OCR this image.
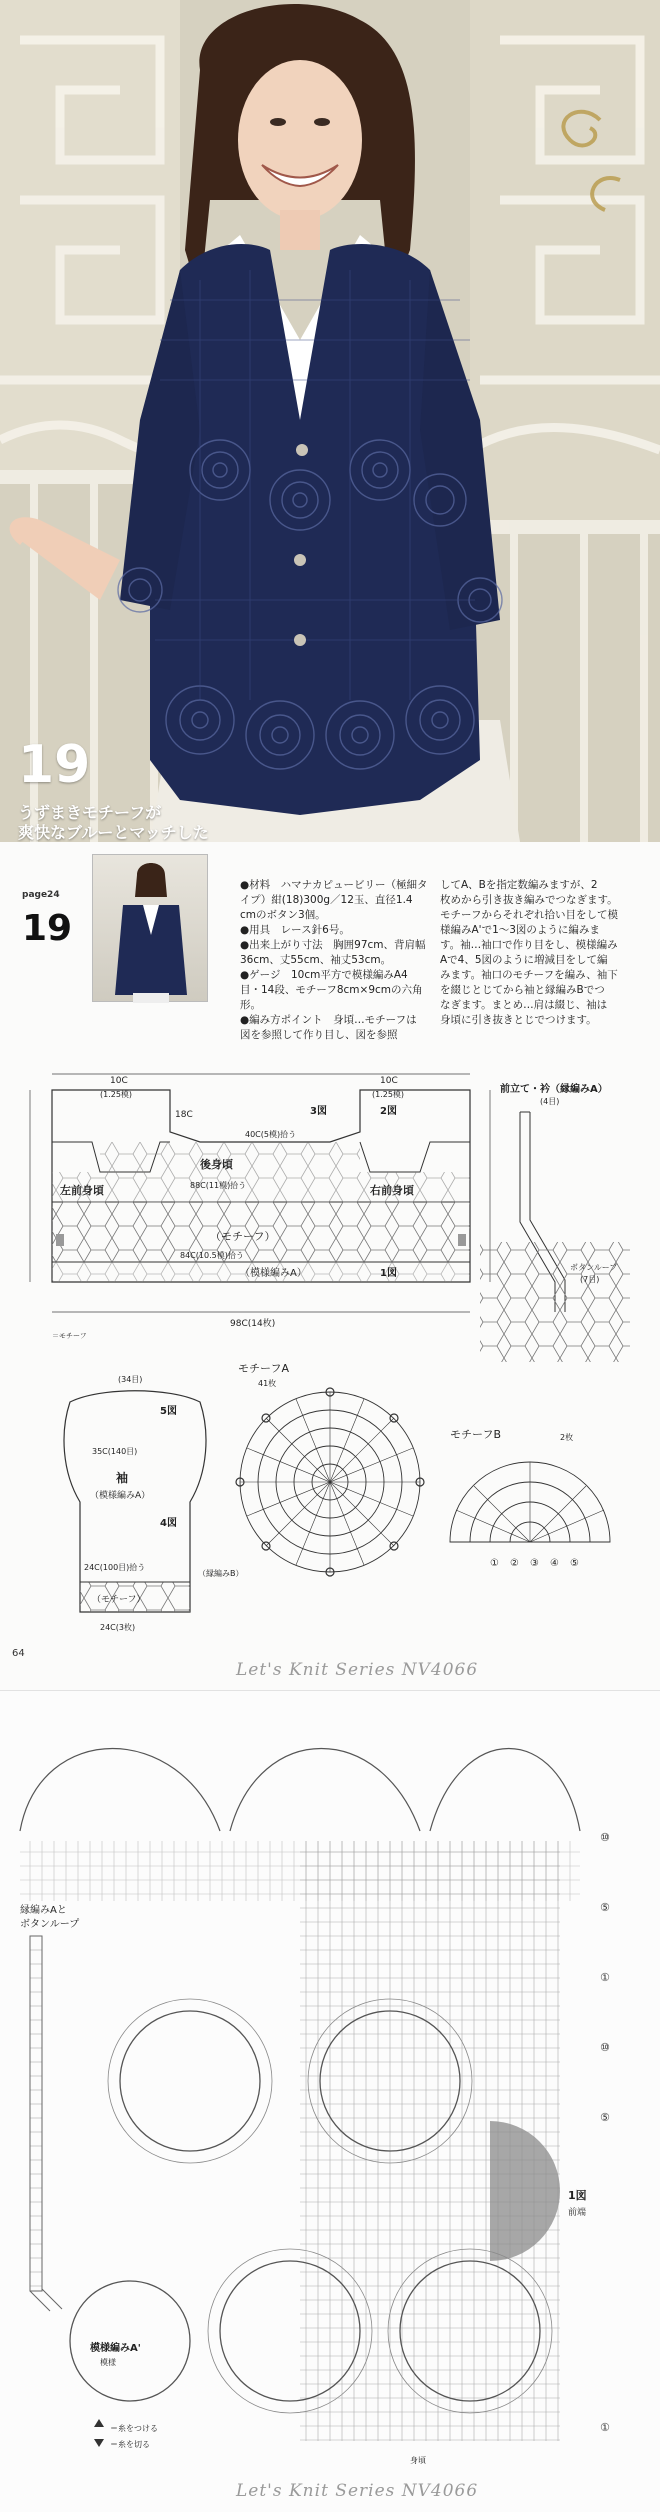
19
うずまきモチーフが
爽快なブルーとマッチした
page24
19

●材料　ハマナカピュービリー（極細タ

イプ）紺(18)300g／12玉、直径1.4

cmのボタン3個。

●用具　レース針6号。

●出来上がり寸法　胸囲97cm、背肩幅

36cm、丈55cm、袖丈53cm。

●ゲージ　10cm平方で模様編みA4

目・14段、モチーフ8cm×9cmの六角形。

●編み方ポイント　身頃…モチーフは

図を参照して作り目し、図を参照

してA、Bを指定数編みますが、2

枚めから引き抜き編みでつなぎます。

モチーフからそれぞれ拾い目をして模

様編みA'で1～3図のように編みま

す。袖…袖口で作り目をし、模様編み

Aで4、5図のように増減目をして編

みます。袖口のモチーフを編み、袖下

を綴じとじてから袖と縁編みBでつ

なぎます。まとめ…肩は綴じ、袖は

身頃に引き抜きとじでつけます。

10C
(1.25模)
10C
(1.25模)
18C
40C(5模)拾う
後身頃
3図	2図
左前身頃	右前身頃
88C(11模)拾う
（モチーフ）
（模様編みA）	1図
84C(10.5模)拾う
98C(14枚)
＝モチーフ
前立て・衿（縁編みA）
(4目)
ボタンループ
(7目)
(34目)
5図
35C(140目)
袖
（模様編みA）
4図
24C(100目)拾う
（モチーフ）
（縁編みB）
24C(3枚)
モチーフA
41枚
モチーフB	2枚
① ② ③ ④ ⑤
64
Let's Knit Series NV4066
⑩
⑤
①
⑩
⑤
①
縁編みAと
ボタンループ
模様編みA'
模様
＝糸をつける
＝糸を切る
1図
前端
身頃
Let's Knit Series NV4066
